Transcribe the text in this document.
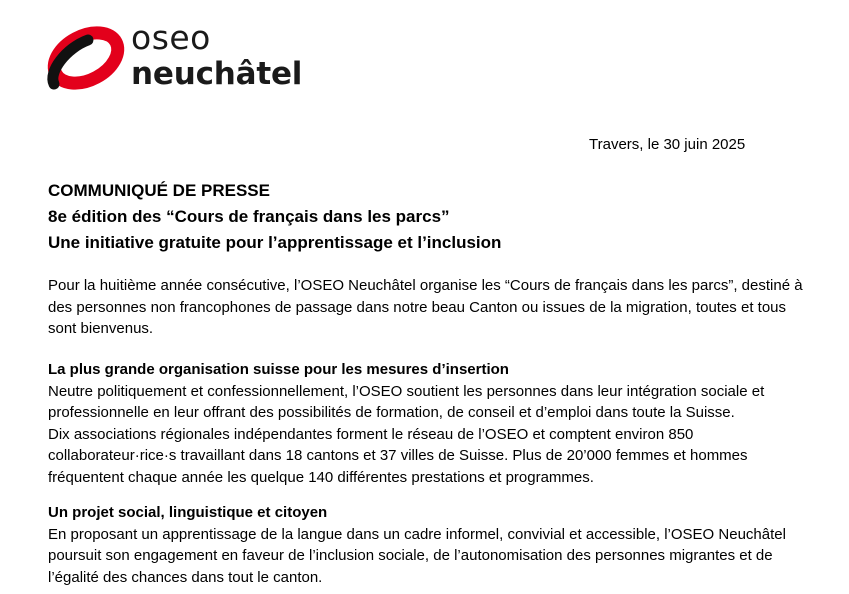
oseo
neuchâtel
Travers, le 30 juin 2025
COMMUNIQUÉ DE PRESSE
8e édition des “Cours de français dans les parcs”
Une initiative gratuite pour l’apprentissage et l’inclusion

Pour la huitième année consécutive, l’OSEO Neuchâtel organise les “Cours de français dans les parcs”, destiné à des personnes non francophones de passage dans notre beau Canton ou issues de la migration, toutes et tous sont bienvenus.

La plus grande organisation suisse pour les mesures d’insertion

Neutre politiquement et confessionnellement, l’OSEO soutient les personnes dans leur intégration sociale et professionnelle en leur offrant des possibilités de formation, de conseil et d’emploi dans toute la Suisse.

Dix associations régionales indépendantes forment le réseau de l’OSEO et comptent environ 850 collaborateur·rice·s travaillant dans 18 cantons et 37 villes de Suisse. Plus de 20’000 femmes et hommes fréquentent chaque année les quelque 140 différentes prestations et programmes.

Un projet social, linguistique et citoyen

En proposant un apprentissage de la langue dans un cadre informel, convivial et accessible, l’OSEO Neuchâtel poursuit son engagement en faveur de l’inclusion sociale, de l’autonomisation des personnes migrantes et de l’égalité des chances dans tout le canton.
